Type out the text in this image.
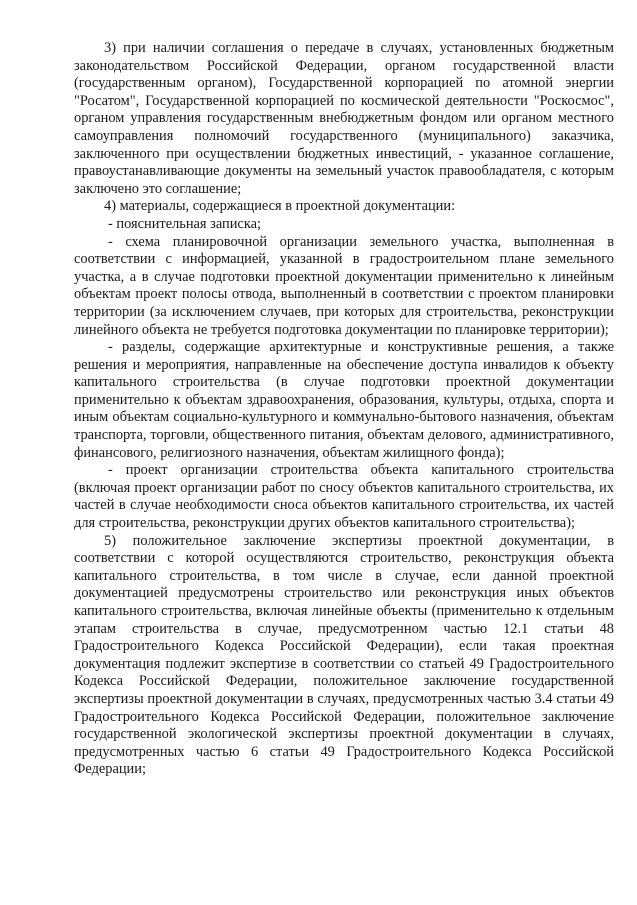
3) при наличии соглашения о передаче в случаях, установленных бюджетным законодательством Российской Федерации, органом государственной власти (государственным органом), Государственной корпорацией по атомной энергии "Росатом", Государственной корпорацией по космической деятельности "Роскосмос", органом управления государственным внебюджетным фондом или органом местного самоуправления полномочий государственного (муниципального) заказчика, заключенного при осуществлении бюджетных инвестиций, - указанное соглашение, правоустанавливающие документы на земельный участок правообладателя, с которым заключено это соглашение;

4) материалы, содержащиеся в проектной документации:

- пояснительная записка;

- схема планировочной организации земельного участка, выполненная в соответствии с информацией, указанной в градостроительном плане земельного участка, а в случае подготовки проектной документации применительно к линейным объектам проект полосы отвода, выполненный в соответствии с проектом планировки территории (за исключением случаев, при которых для строительства, реконструкции линейного объекта не требуется подготовка документации по планировке территории);

- разделы, содержащие архитектурные и конструктивные решения, а также решения и мероприятия, направленные на обеспечение доступа инвалидов к объекту капитального строительства (в случае подготовки проектной документации применительно к объектам здравоохранения, образования, культуры, отдыха, спорта и иным объектам социально-культурного и коммунально-бытового назначения, объектам транспорта, торговли, общественного питания, объектам делового, административного, финансового, религиозного назначения, объектам жилищного фонда);

- проект организации строительства объекта капитального строительства (включая проект организации работ по сносу объектов капитального строительства, их частей в случае необходимости сноса объектов капитального строительства, их частей для строительства, реконструкции других объектов капитального строительства);

5) положительное заключение экспертизы проектной документации, в соответствии с которой осуществляются строительство, реконструкция объекта капитального строительства, в том числе в случае, если данной проектной документацией предусмотрены строительство или реконструкция иных объектов капитального строительства, включая линейные объекты (применительно к отдельным этапам строительства в случае, предусмотренном частью 12.1 статьи 48 Градостроительного Кодекса Российской Федерации), если такая проектная документация подлежит экспертизе в соответствии со статьей 49 Градостроительного Кодекса Российской Федерации, положительное заключение государственной экспертизы проектной документации в случаях, предусмотренных частью 3.4 статьи 49 Градостроительного Кодекса Российской Федерации, положительное заключение государственной экологической экспертизы проектной документации в случаях, предусмотренных частью 6 статьи 49 Градостроительного Кодекса Российской Федерации;
